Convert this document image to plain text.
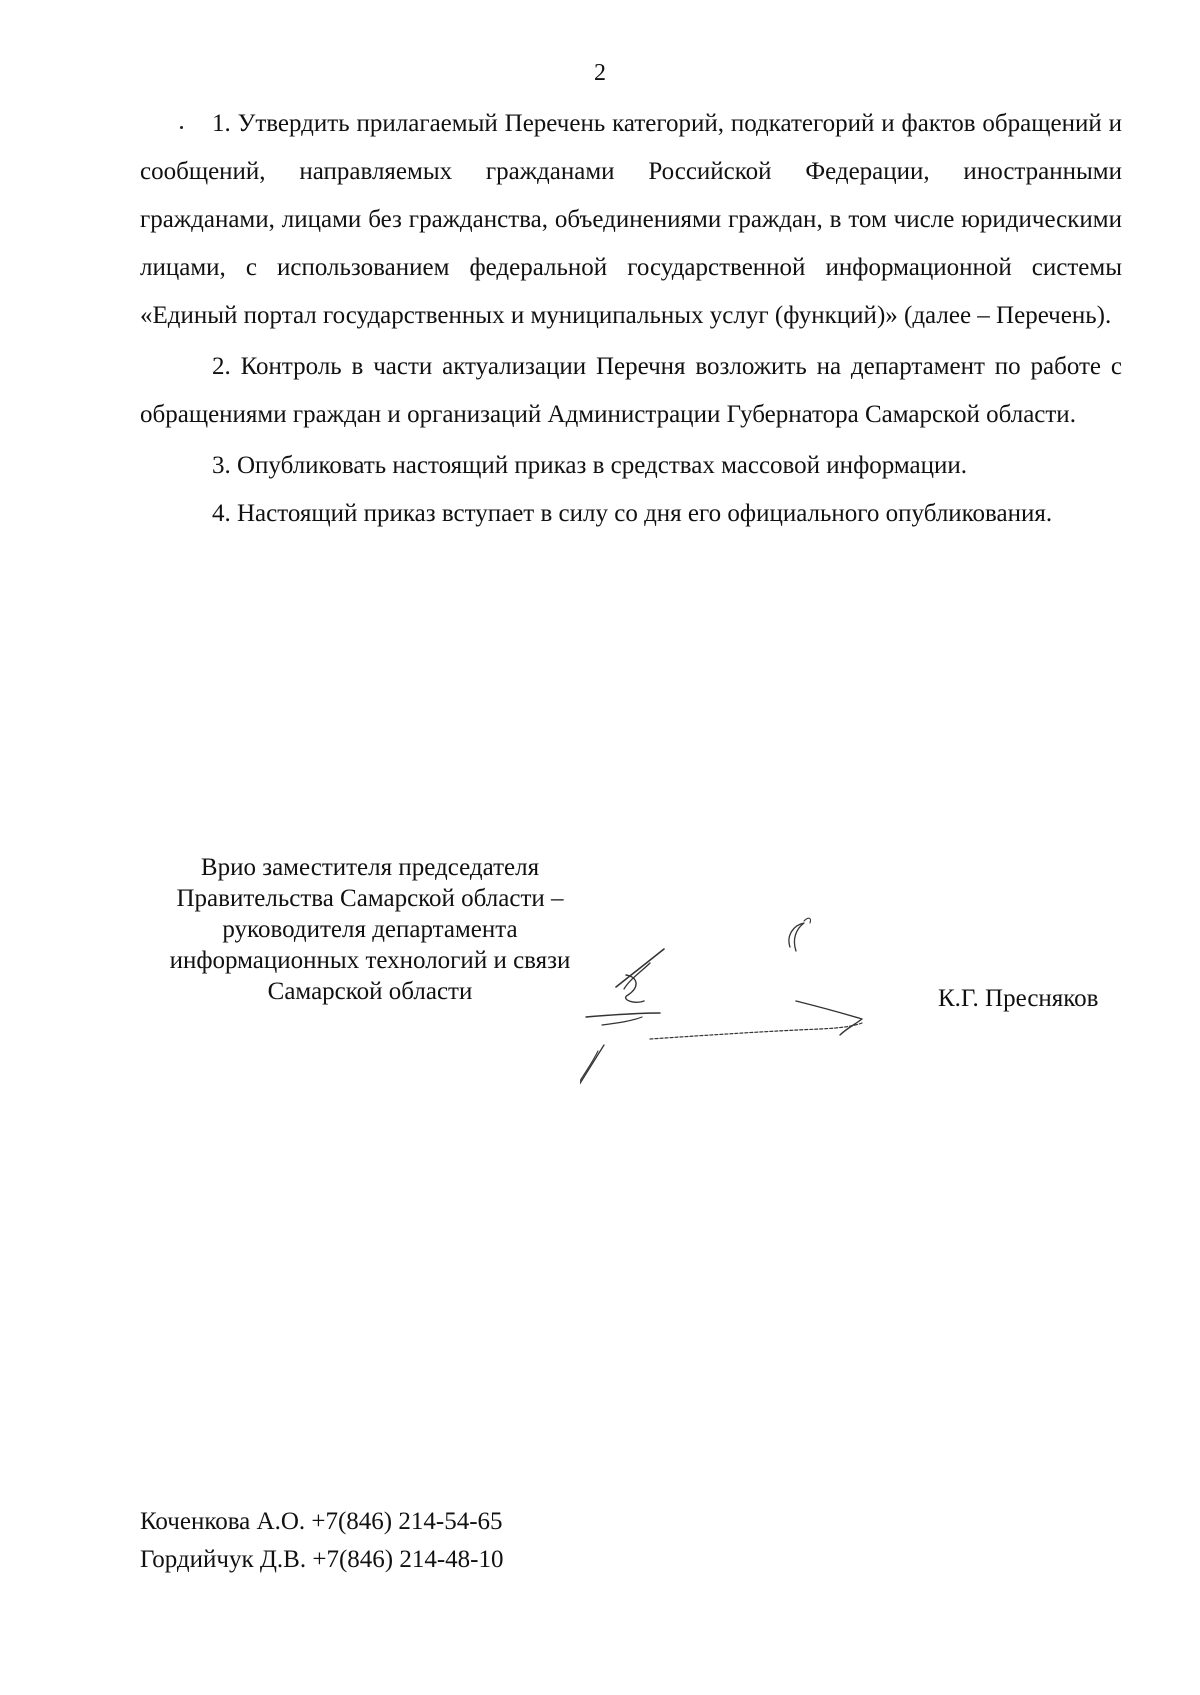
2

1. Утвердить прилагаемый Перечень категорий, подкатегорий и фактов обращений и сообщений, направляемых гражданами Российской Федерации, иностранными гражданами, лицами без гражданства, объединениями граждан, в том числе юридическими лицами, с использованием федеральной государственной информационной системы «Единый портал государственных и муниципальных услуг (функций)» (далее – Перечень).

2. Контроль в части актуализации Перечня возложить на департамент по работе с обращениями граждан и организаций Администрации Губернатора Самарской области.

3. Опубликовать настоящий приказ в средствах массовой информации.

4. Настоящий приказ вступает в силу со дня его официального опубликования.

Врио заместителя председателя
Правительства Самарской области –
руководителя департамента
информационных технологий и связи
Самарской области	К.Г. Пресняков
Коченкова А.О. +7(846) 214-54-65
Гордийчук Д.В. +7(846) 214-48-10
